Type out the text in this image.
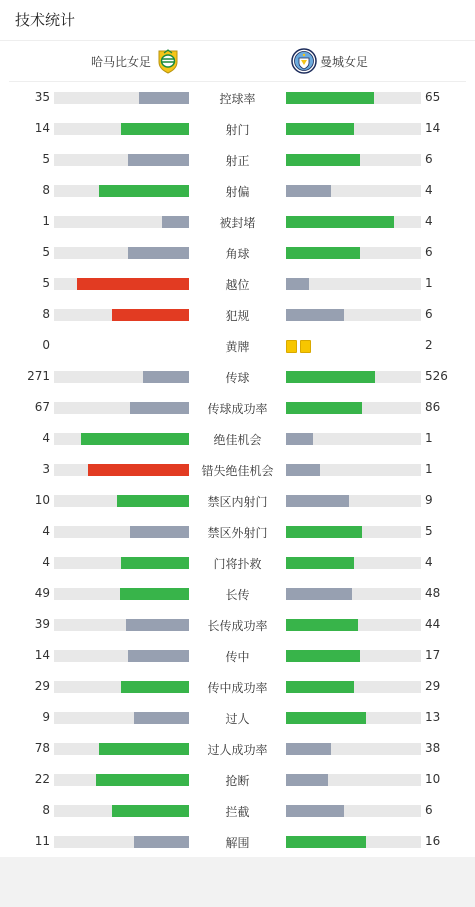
技术统计
哈马比女足	曼城女足
35	控球率	65
14	射门	14
5	射正	6
8	射偏	4
1	被封堵	4
5	角球	6
5	越位	1
8	犯规	6
0	黄牌	2
271	传球	526
67	传球成功率	86
4	绝佳机会	1
3	错失绝佳机会	1
10	禁区内射门	9
4	禁区外射门	5
4	门将扑救	4
49	长传	48
39	长传成功率	44
14	传中	17
29	传中成功率	29
9	过人	13
78	过人成功率	38
22	抢断	10
8	拦截	6
11	解围	16
